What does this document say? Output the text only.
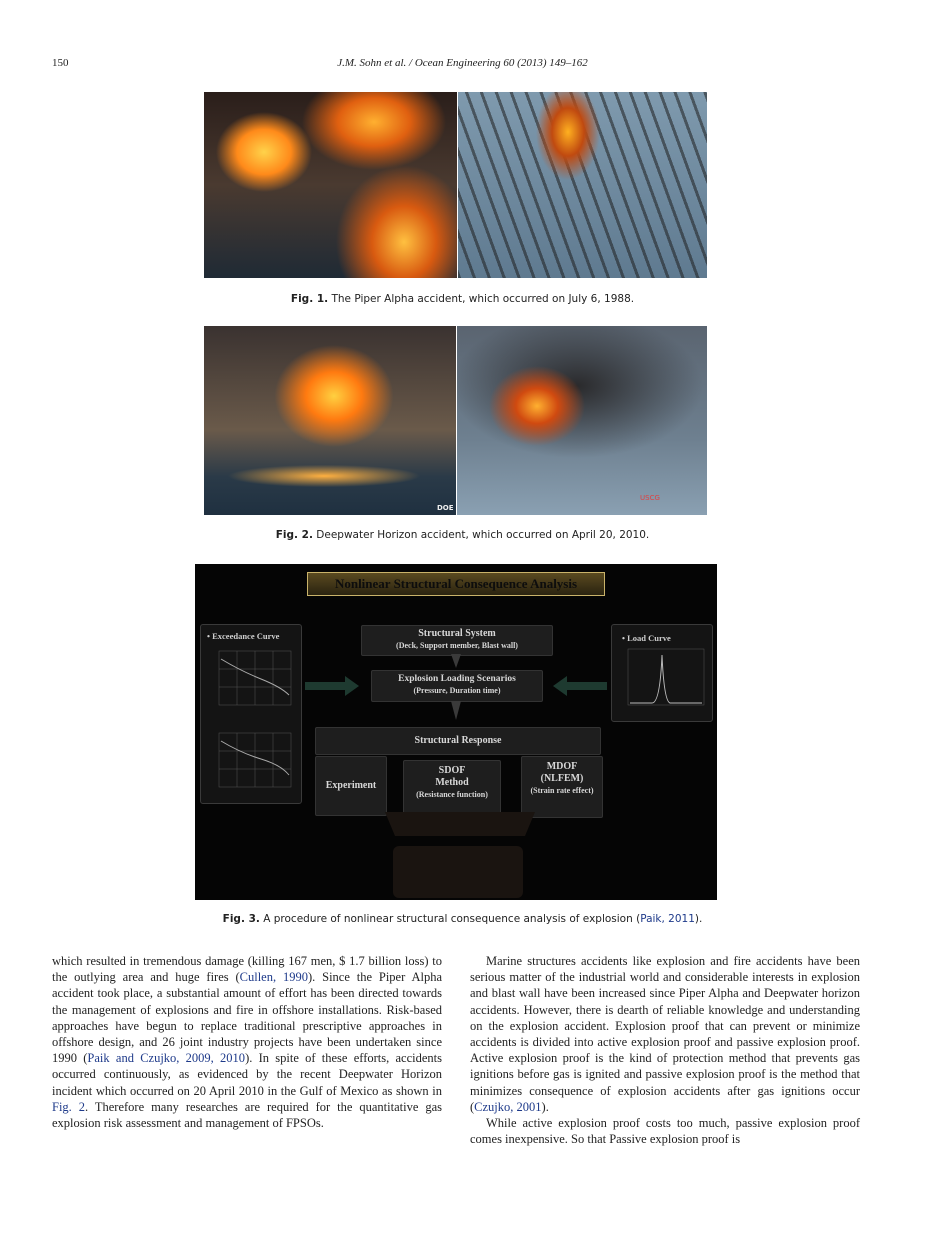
150	J.M. Sohn et al. / Ocean Engineering 60 (2013) 149–162
Fig. 1. The Piper Alpha accident, which occurred on July 6, 1988.
DOE
USCG
Fig. 2. Deepwater Horizon accident, which occurred on April 20, 2010.
Nonlinear Structural Consequence Analysis
• Exceedance Curve	• Load Curve
Structural System
(Deck, Support member, Blast wall)
Explosion Loading Scenarios
(Pressure, Duration time)
Structural Response
Experiment
SDOF
Method
(Resistance function)
MDOF
(NLFEM)
(Strain rate effect)
Fig. 3. A procedure of nonlinear structural consequence analysis of explosion (Paik, 2011).

which resulted in tremendous damage (killing 167 men, $ 1.7 billion loss) to the outlying area and huge fires (Cullen, 1990). Since the Piper Alpha accident took place, a substantial amount of effort has been directed towards the management of explosions and fire in offshore installations. Risk-based approaches have begun to replace traditional prescriptive approaches in offshore design, and 26 joint industry projects have been undertaken since 1990 (Paik and Czujko, 2009, 2010). In spite of these efforts, accidents occurred continuously, as evidenced by the recent Deepwater Horizon incident which occurred on 20 April 2010 in the Gulf of Mexico as shown in Fig. 2. Therefore many researches are required for the quantitative gas explosion risk assessment and management of FPSOs.

Marine structures accidents like explosion and fire accidents have been serious matter of the industrial world and considerable interests in explosion and blast wall have been increased since Piper Alpha and Deepwater horizon accidents. However, there is dearth of reliable knowledge and understanding on the explosion accident. Explosion proof that can prevent or minimize accidents is divided into active explosion proof and passive explosion proof. Active explosion proof is the kind of protection method that prevents gas ignitions before gas is ignited and passive explosion proof is the method that minimizes consequence of explosion accidents after gas ignitions occur (Czujko, 2001).

While active explosion proof costs too much, passive explosion proof comes inexpensive. So that Passive explosion proof is
